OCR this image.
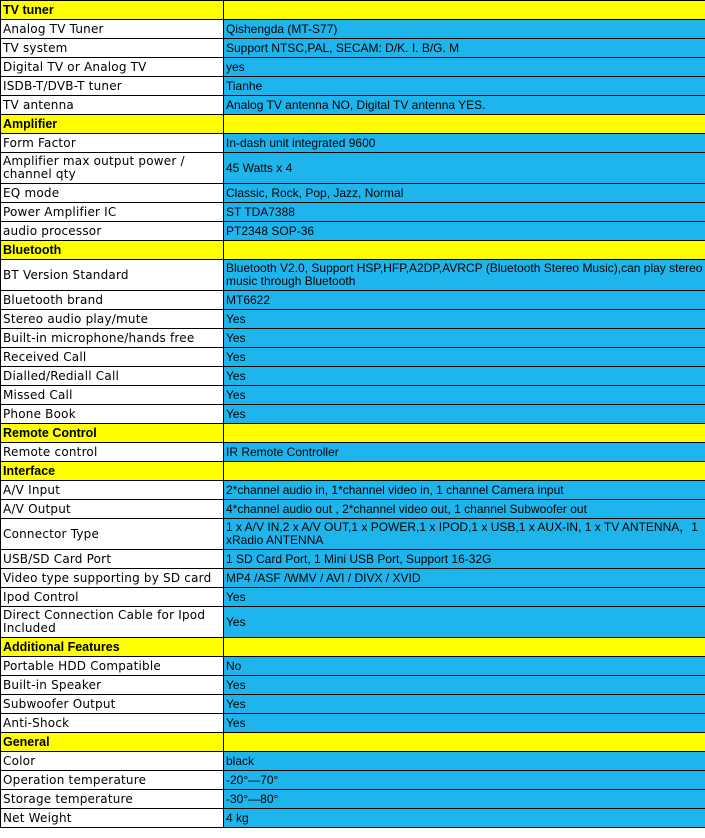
TV tuner	
Analog TV Tuner	Qishengda (MT-S77)
TV system	Support NTSC,PAL, SECAM: D/K. I. B/G. M
Digital TV or Analog TV	yes
ISDB-T/DVB-T tuner	Tianhe
TV antenna	Analog TV antenna NO, Digital TV antenna YES.
Amplifier	
Form Factor	In-dash unit integrated 9600
Amplifier max output power / channel qty	45 Watts x 4
EQ mode	Classic, Rock, Pop, Jazz, Normal
Power Amplifier IC	ST TDA7388
audio processor	PT2348 SOP-36
Bluetooth	
BT Version Standard	Bluetooth V2.0, Support HSP,HFP,A2DP,AVRCP (Bluetooth Stereo Music),can play stereo music through Bluetooth
Bluetooth brand	MT6622
Stereo audio play/mute	Yes
Built-in microphone/hands free	Yes
Received Call	Yes
Dialled/Rediall Call	Yes
Missed Call	Yes
Phone Book	Yes
Remote Control	
Remote control	IR Remote Controller
Interface	
A/V Input	2*channel audio in, 1*channel video in, 1 channel Camera input
A/V Output	4*channel audio out , 2*channel video out, 1 channel Subwoofer out
Connector Type	1 x A/V IN,2 x A/V OUT,1 x POWER,1 x IPOD,1 x USB,1 x AUX-IN, 1 x TV ANTENNA，1 xRadio ANTENNA
USB/SD Card Port	1 SD Card Port, 1 Mini USB Port, Support 16-32G
Video type supporting by SD card	MP4 /ASF /WMV / AVI / DIVX / XVID
Ipod Control	Yes
Direct Connection Cable for Ipod Included	Yes
Additional Features	
Portable HDD Compatible	No
Built-in Speaker	Yes
Subwoofer Output	Yes
Anti-Shock	Yes
General	
Color	black
Operation temperature	-20°—70°
Storage temperature	-30°—80°
Net Weight	4 kg
